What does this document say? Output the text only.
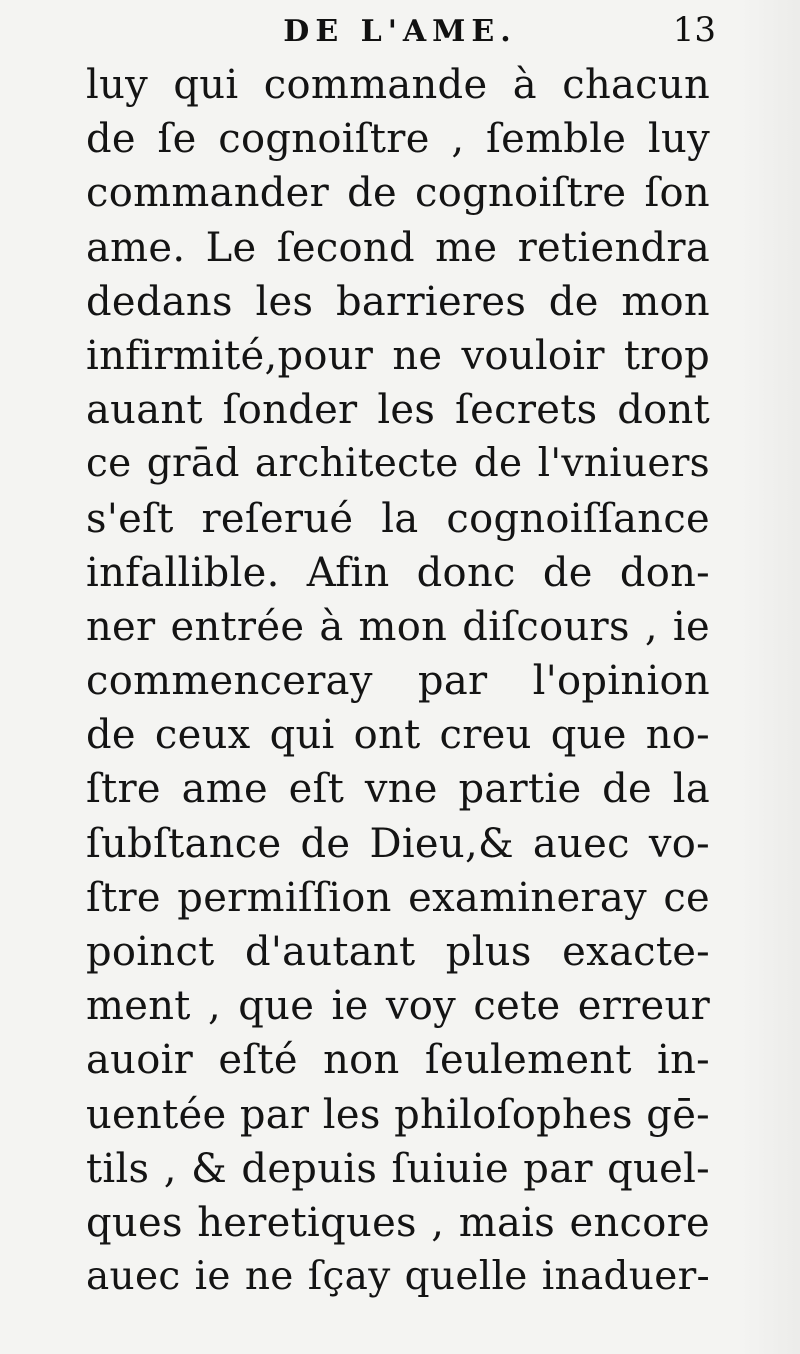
DE L'AME.	13
luy qui commande à chacun
de ſe cognoiſtre , ſemble luy
commander de cognoiſtre ſon
ame. Le ſecond me retiendra
dedans les barrieres de mon
infirmité,pour ne vouloir trop
auant ſonder les ſecrets dont
ce grād architecte de l'vniuers
s'eſt reſerué la cognoiſſance
infallible. Afin donc de don-
ner entrée à mon diſcours , ie
commenceray par l'opinion
de ceux qui ont creu que no-
ſtre ame eſt vne partie de la
ſubſtance de Dieu,& auec vo-
ſtre permiſſion examineray ce
poinct d'autant plus exacte-
ment , que ie voy cete erreur
auoir eſté non ſeulement in-
uentée par les philoſophes gē-
tils , & depuis ſuiuie par quel-
ques heretiques , mais encore
auec ie ne ſçay quelle inaduer-
